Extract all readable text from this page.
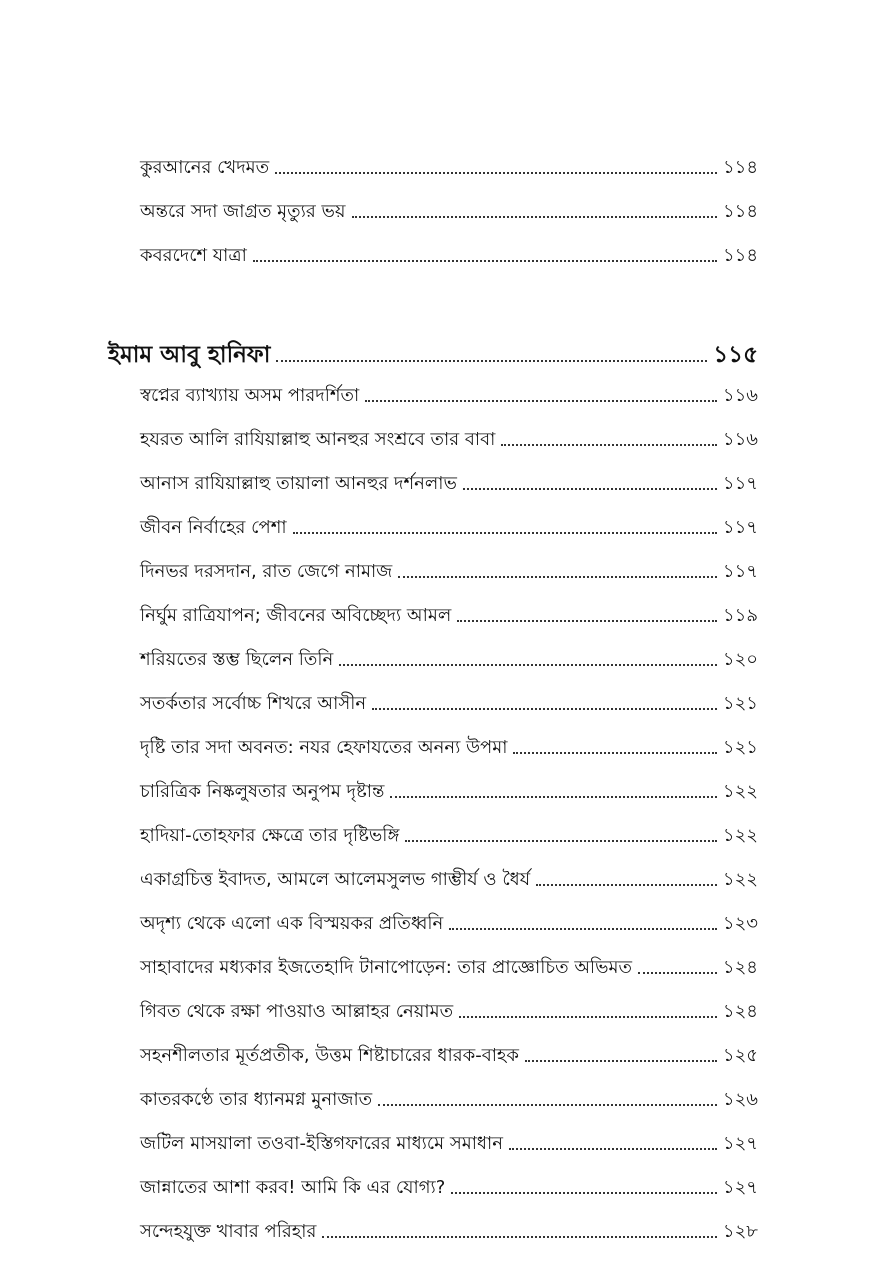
কুরআনের খেদমত	১১৪
অন্তরে সদা জাগ্রত মৃত্যুর ভয়	১১৪
কবরদেশে যাত্রা	১১৪
ইমাম আবু হানিফা	১১৫
স্বপ্নের ব্যাখ্যায় অসম পারদর্শিতা	১১৬
হযরত আলি রাযিয়াল্লাহু আনহুর সংশ্রবে তার বাবা	১১৬
আনাস রাযিয়াল্লাহু তায়ালা আনহুর দর্শনলাভ	১১৭
জীবন নির্বাহের পেশা	১১৭
দিনভর দরসদান, রাত জেগে নামাজ	১১৭
নির্ঘুম রাত্রিযাপন; জীবনের অবিচ্ছেদ্য আমল	১১৯
শরিয়তের স্তম্ভ ছিলেন তিনি	১২০
সতর্কতার সর্বোচ্চ শিখরে আসীন	১২১
দৃষ্টি তার সদা অবনত: নযর হেফাযতের অনন্য উপমা	১২১
চারিত্রিক নিষ্কলুষতার অনুপম দৃষ্টান্ত	১২২
হাদিয়া-তোহফার ক্ষেত্রে তার দৃষ্টিভঙ্গি	১২২
একাগ্রচিত্ত ইবাদত, আমলে আলেমসুলভ গাম্ভীর্য ও ধৈর্য	১২২
অদৃশ্য থেকে এলো এক বিস্ময়কর প্রতিধ্বনি	১২৩
সাহাবাদের মধ্যকার ইজতেহাদি টানাপোড়েন: তার প্রাজ্ঞোচিত অভিমত	১২৪
গিবত থেকে রক্ষা পাওয়াও আল্লাহর নেয়ামত	১২৪
সহনশীলতার মূর্তপ্রতীক, উত্তম শিষ্টাচারের ধারক-বাহক	১২৫
কাতরকণ্ঠে তার ধ্যানমগ্ন মুনাজাত	১২৬
জটিল মাসয়ালা তওবা-ইস্তিগফারের মাধ্যমে সমাধান	১২৭
জান্নাতের আশা করব! আমি কি এর যোগ্য?	১২৭
সন্দেহযুক্ত খাবার পরিহার	১২৮
